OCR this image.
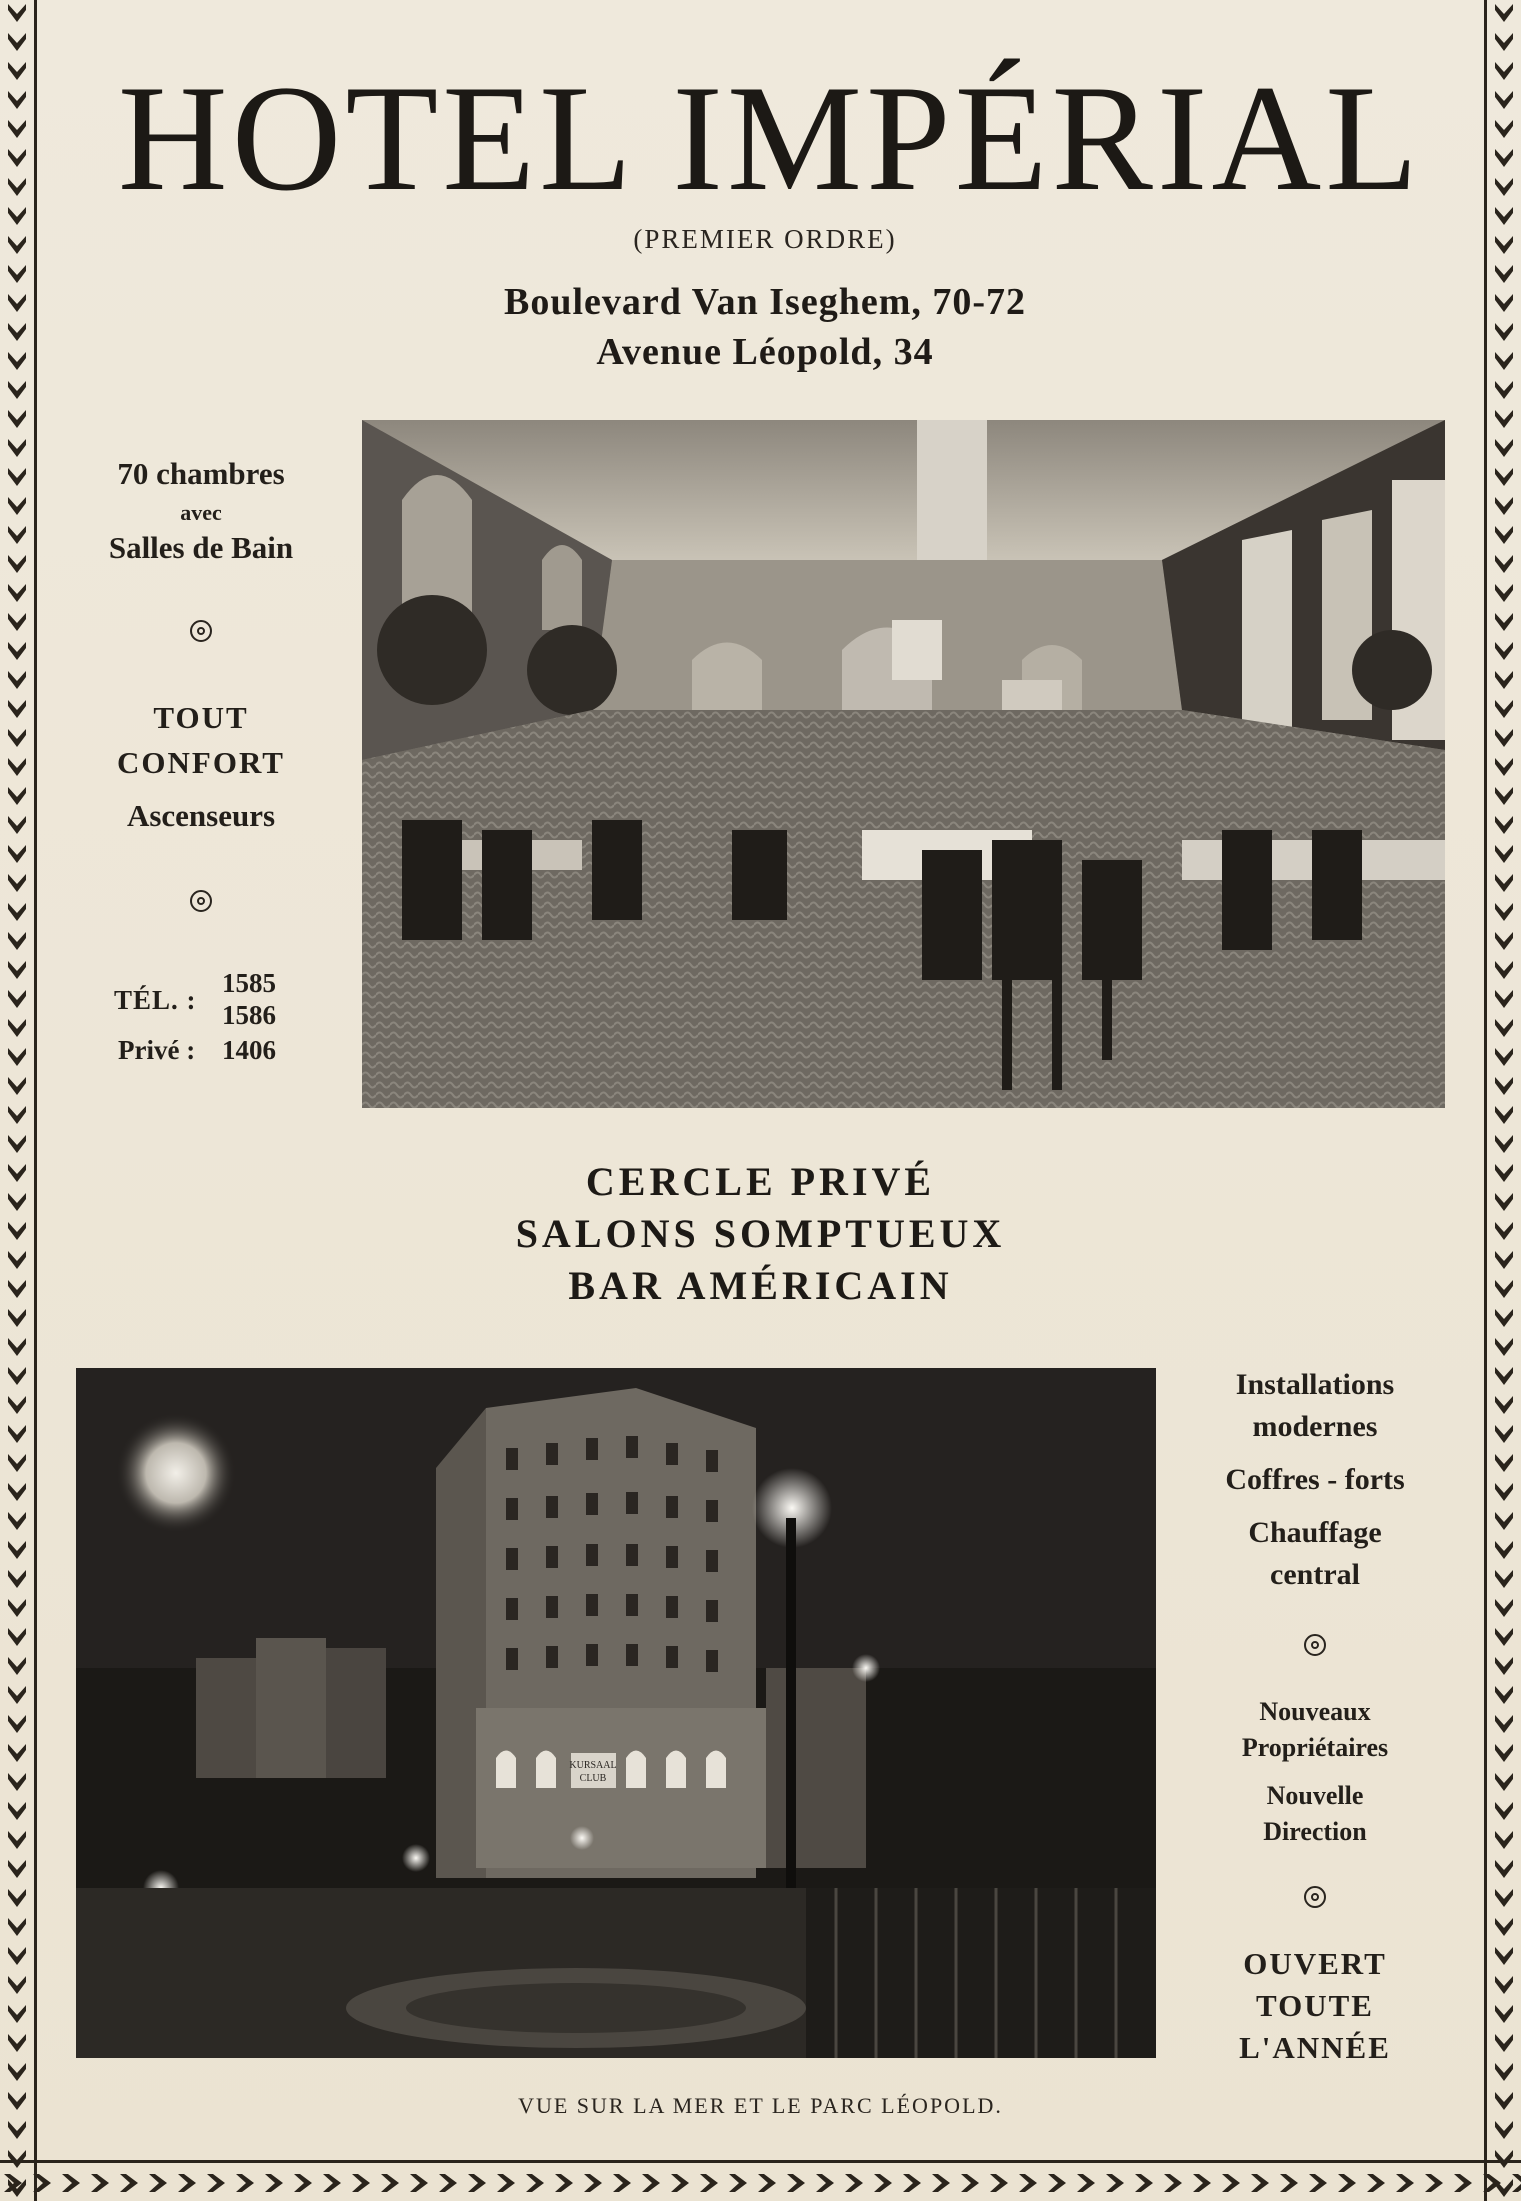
HOTEL IMPÉRIAL
(PREMIER ORDRE)
Boulevard Van Iseghem, 70-72
Avenue Léopold, 34
70 chambres
avec
Salles de Bain
TOUT
CONFORT
Ascenseurs
TÉL. :
1585
1586
Privé : 1406
CERCLE PRIVÉ
SALONS SOMPTUEUX
BAR AMÉRICAIN
KURSAAL
CLUB
Installations
modernes
Coffres - forts
Chauffage
central
Nouveaux
Propriétaires
Nouvelle
Direction
OUVERT
TOUTE
L'ANNÉE
VUE SUR LA MER ET LE PARC LÉOPOLD.
